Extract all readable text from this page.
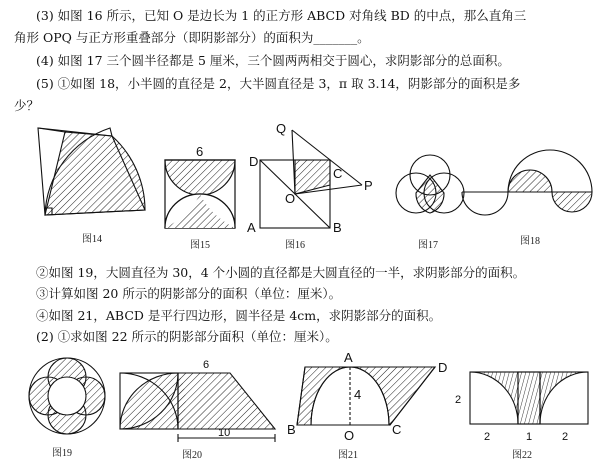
(3) 如图 16 所示，已知 O 是边长为 1 的正方形 ABCD 对角线 BD 的中点，那么直角三
角形 OPQ 与正方形重叠部分（即阴影部分）的面积为_______。
(4) 如图 17 三个圆半径都是 5 厘米，三个圆两两相交于圆心，求阴影部分的总面积。
(5) ①如图 18，小半圆的直径是 2，大半圆直径是 3，π 取 3.14，阴影部分的面积是多
少？
②如图 19，大圆直径为 30，4 个小圆的直径都是大圆直径的一半，求阴影部分的面积。
③计算如图 20 所示的阴影部分的面积（单位：厘米）。
④如图 21，ABCD 是平行四边形，圆半径是 4cm，求阴影部分的面积。
(2) ①求如图 22 所示的阴影部分面积（单位：厘米）。
6
Q
D
C
P
O
A	B
6
10
A
D
4
B	O	C
2
2	1	2
图14
图15	图16	图17	图18
图19	图20	图21	图22
